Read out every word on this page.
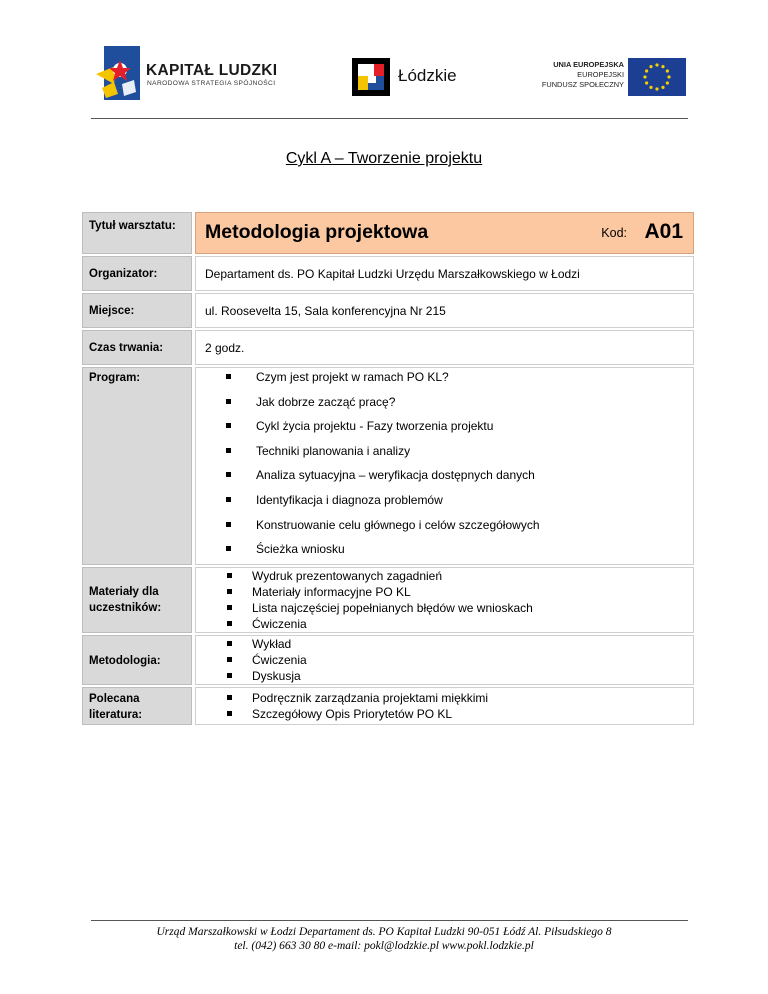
KAPITAŁ LUDZKI
NARODOWA STRATEGIA SPÓJNOŚCI	Łódzkie
UNIA EUROPEJSKA
EUROPEJSKI
FUNDUSZ SPOŁECZNY
Cykl A – Tworzenie projektu
Tytuł warsztatu:	Metodologia projektowa	Kod: A01
Organizator:	Departament ds. PO Kapitał Ludzki Urzędu Marszałkowskiego w Łodzi
Miejsce:	ul. Roosevelta 15, Sala konferencyjna Nr 215
Czas trwania:	2 godz.
Program:	Czym jest projekt w ramach PO KL?
Jak dobrze zacząć pracę?
Cykl życia projektu - Fazy tworzenia projektu
Techniki planowania i analizy
Analiza sytuacyjna – weryfikacja dostępnych danych
Identyfikacja i diagnoza problemów
Konstruowanie celu głównego i celów szczegółowych
Ścieżka wniosku
Materiały dla uczestników:
Wydruk prezentowanych zagadnień
Materiały informacyjne PO KL
Lista najczęściej popełnianych błędów we wnioskach
Ćwiczenia
Metodologia:
Wykład
Ćwiczenia
Dyskusja
Polecana literatura:
Podręcznik zarządzania projektami miękkimi
Szczegółowy Opis Priorytetów PO KL
Urząd Marszałkowski w Łodzi Departament ds. PO Kapitał Ludzki 90-051 Łódź Al. Piłsudskiego 8
tel. (042) 663 30 80 e-mail: pokl@lodzkie.pl www.pokl.lodzkie.pl
